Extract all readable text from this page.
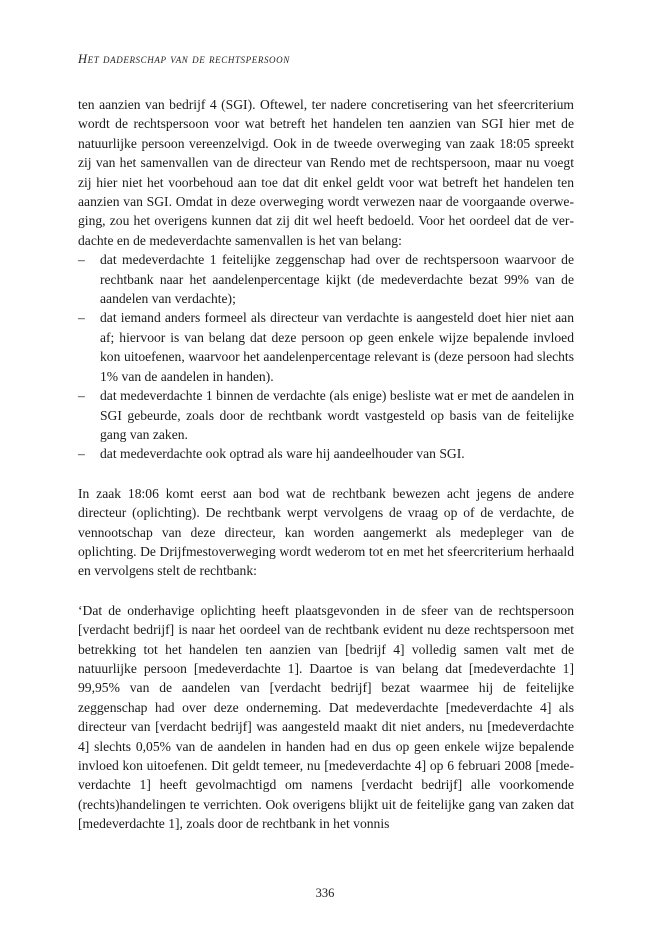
Het daderschap van de rechtspersoon

ten aanzien van bedrijf 4 (SGI). Oftewel, ter nadere concretisering van het sfeercriterium wordt de rechtspersoon voor wat betreft het handelen ten aanzien van SGI hier met de natuurlijke persoon vereenzelvigd. Ook in de tweede overweging van zaak 18:05 spreekt zij van het samenvallen van de directeur van Rendo met de rechtspersoon, maar nu voegt zij hier niet het voorbehoud aan toe dat dit enkel geldt voor wat betreft het handelen ten aanzien van SGI. Omdat in deze overweging wordt verwezen naar de voorgaande overweging, zou het overigens kunnen dat zij dit wel heeft bedoeld. Voor het oordeel dat de verdachte en de medeverdachte samenvallen is het van belang:

– dat medeverdachte 1 feitelijke zeggenschap had over de rechtspersoon waarvoor de rechtbank naar het aandelenpercentage kijkt (de medeverdachte bezat 99% van de aandelen van verdachte);
– dat iemand anders formeel als directeur van verdachte is aangesteld doet hier niet aan af; hiervoor is van belang dat deze persoon op geen enkele wijze bepalende invloed kon uitoefenen, waarvoor het aandelenpercentage relevant is (deze persoon had slechts 1% van de aandelen in handen).
– dat medeverdachte 1 binnen de verdachte (als enige) besliste wat er met de aandelen in SGI gebeurde, zoals door de rechtbank wordt vastgesteld op basis van de feitelijke gang van zaken.
– dat medeverdachte ook optrad als ware hij aandeelhouder van SGI.

In zaak 18:06 komt eerst aan bod wat de rechtbank bewezen acht jegens de andere directeur (oplichting). De rechtbank werpt vervolgens de vraag op of de verdachte, de vennootschap van deze directeur, kan worden aangemerkt als medepleger van de oplichting. De Drijfmestoverweging wordt wederom tot en met het sfeercriterium herhaald en vervolgens stelt de rechtbank:

‘Dat de onderhavige oplichting heeft plaatsgevonden in de sfeer van de rechtspersoon [verdacht bedrijf] is naar het oordeel van de rechtbank evident nu deze rechtspersoon met betrekking tot het handelen ten aanzien van [bedrijf 4] volledig samen valt met de natuurlijke persoon [medeverdachte 1]. Daartoe is van belang dat [medeverdachte 1] 99,95% van de aandelen van [verdacht bedrijf] bezat waarmee hij de feitelijke zeggenschap had over deze onderneming. Dat medeverdachte [medeverdachte 4] als directeur van [verdacht bedrijf] was aangesteld maakt dit niet anders, nu [medeverdachte 4] slechts 0,05% van de aandelen in handen had en dus op geen enkele wijze bepalende invloed kon uitoefenen. Dit geldt temeer, nu [medeverdachte 4] op 6 februari 2008 [medeverdachte 1] heeft gevolmachtigd om namens [verdacht bedrijf] alle voorkomende (rechts)handelingen te verrichten. Ook overigens blijkt uit de feitelijke gang van zaken dat [medeverdachte 1], zoals door de rechtbank in het vonnis

336
